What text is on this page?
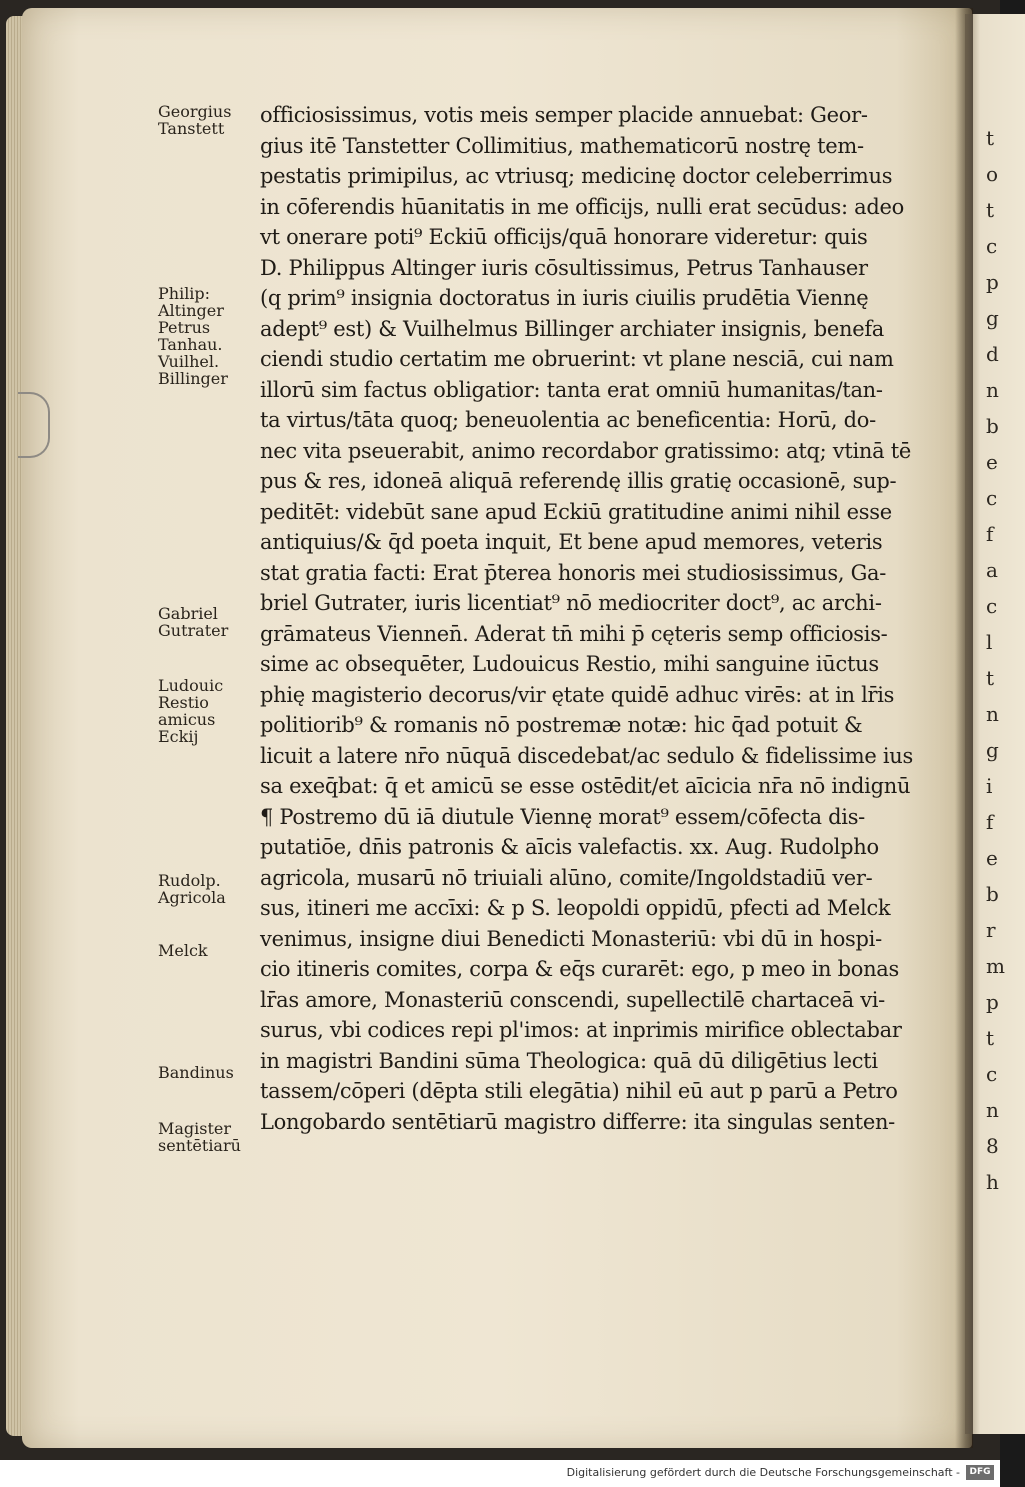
t
o
t
c
p
g
d
n
b
e
c
f
a
c
l
t
n
g
i
f
e
b
r
m
p
t
c
n
8
h
Georgius
Tanstett
Philip:
Altinger
Petrus
Tanhau.
Vuilhel.
Billinger
Gabriel
Gutrater
Ludouic
Restio
amicus
Eckij
Rudolp.
Agricola
Melck
Bandinus
Magister
sentētiarū
officiosissimus, votis meis semper placide annuebat: Geor-
gius itē Tanstetter Collimitius, mathematicorū nostrę tem-
pestatis primipilus, ac vtriusq; medicinę doctor celeberrimus
in cōferendis hūanitatis in me officijs, nulli erat secūdus: adeo
vt onerare poti⁹ Eckiū officijs/quā honorare videretur: quis
D. Philippus Altinger iuris cōsultissimus, Petrus Tanhauser
(q prim⁹ insignia doctoratus in iuris ciuilis prudētia Viennę
adept⁹ est) & Vuilhelmus Billinger archiater insignis, benefa
ciendi studio certatim me obruerint: vt plane nesciā, cui nam
illorū sim factus obligatior: tanta erat omniū humanitas/tan-
ta virtus/tāta quoq; beneuolentia ac beneficentia: Horū, do-
nec vita pseuerabit, animo recordabor gratissimo: atq; vtinā tē
pus & res, idoneā aliquā referendę illis gratię occasionē, sup-
peditēt: videbūt sane apud Eckiū gratitudine animi nihil esse
antiquius/& q̄d poeta inquit, Et bene apud memores, veteris
stat gratia facti: Erat p̄terea honoris mei studiosissimus, Ga-
briel Gutrater, iuris licentiat⁹ nō mediocriter doct⁹, ac archi-
grāmateus Viennen̄. Aderat tn̄ mihi p̄ cęteris semp officiosis-
sime ac obsequēter, Ludouicus Restio, mihi sanguine iūctus
phię magisterio decorus/vir ętate quidē adhuc virēs: at in lr̄is
politiorib⁹ & romanis nō postremæ notæ: hic q̄ad potuit &
licuit a latere nr̄o nūquā discedebat/ac sedulo & fidelissime ius
sa exeq̄bat: q̄ et amicū se esse ostēdit/et aīcicia nr̄a nō indignū
¶ Postremo dū iā diutule Viennę morat⁹ essem/cōfecta dis-
putatiōe, dn̄is patronis & aīcis valefactis. xx. Aug. Rudolpho
agricola, musarū nō triuiali alūno, comite/Ingoldstadiū ver-
sus, itineri me accīxi: & p S. leopoldi oppidū, pfecti ad Melck
venimus, insigne diui Benedicti Monasteriū: vbi dū in hospi-
cio itineris comites, corpa & eq̄s curarēt: ego, p meo in bonas
lr̄as amore, Monasteriū conscendi, supellectilē chartaceā vi-
surus, vbi codices repi pl'imos: at inprimis mirifice oblectabar
in magistri Bandini sūma Theologica: quā dū diligētius lecti
tassem/cōperi (dēpta stili elegātia) nihil eū aut p parū a Petro
Longobardo sentētiarū magistro differre: ita singulas senten-
Digitalisierung gefördert durch die Deutsche Forschungsgemeinschaft -	DFG
